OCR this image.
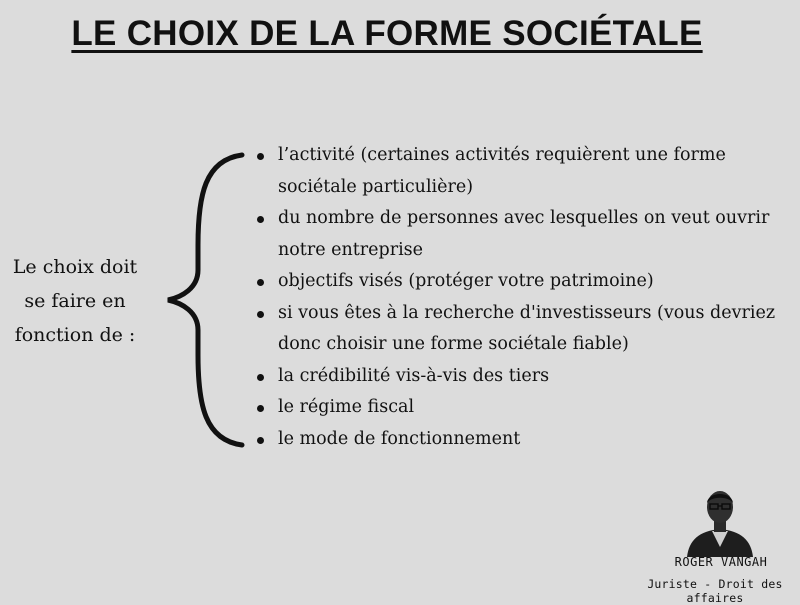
LE CHOIX DE LA FORME SOCIÉTALE
Le choix doit
se faire en
fonction de :
l’activité (certaines activités requièrent une forme sociétale particulière)
du nombre de personnes avec lesquelles on veut ouvrir notre entreprise
objectifs visés (protéger votre patrimoine)
si vous êtes à la recherche d'investisseurs (vous devriez donc choisir une forme sociétale fiable)
la crédibilité vis-à-vis des tiers
le régime fiscal
le mode de fonctionnement
ROGER VANGAH
Juriste - Droit des affaires
